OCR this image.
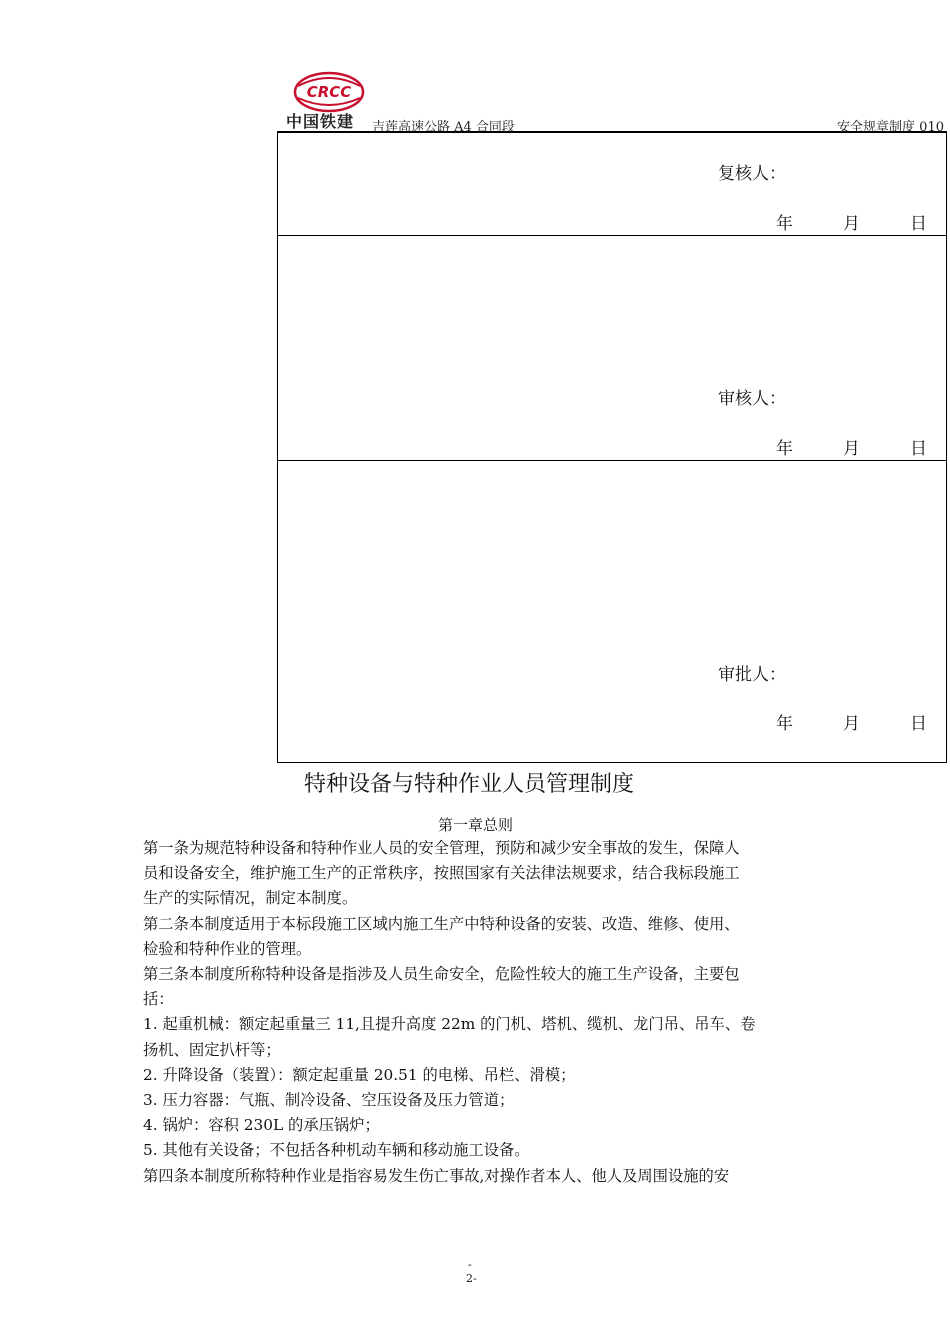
CRCC
中国铁建 吉莲高速公路 A4 合同段	安全规章制度 010
复核人：
年	月	日
审核人：
年	月	日
审批人：
年	月	日
特种设备与特种作业人员管理制度
第一章总则

第一条为规范特种设备和特种作业人员的安全管理，预防和减少安全事故的发生，保障人

员和设备安全，维护施工生产的正常秩序，按照国家有关法律法规要求，结合我标段施工

生产的实际情况，制定本制度。

第二条本制度适用于本标段施工区域内施工生产中特种设备的安装、改造、维修、使用、

检验和特种作业的管理。

第三条本制度所称特种设备是指涉及人员生命安全，危险性较大的施工生产设备，主要包

括：

1. 起重机械：额定起重量三 11,且提升高度 22m 的门机、塔机、缆机、龙门吊、吊车、卷

扬机、固定扒杆等；

2. 升降设备（装置）：额定起重量 20.51 的电梯、吊栏、滑模；

3. 压力容器：气瓶、制冷设备、空压设备及压力管道；

4. 锅炉：容积 230L 的承压锅炉；

5. 其他有关设备；不包括各种机动车辆和移动施工设备。

第四条本制度所称特种作业是指容易发生伤亡事故,对操作者本人、他人及周围设施的安

-
2-
